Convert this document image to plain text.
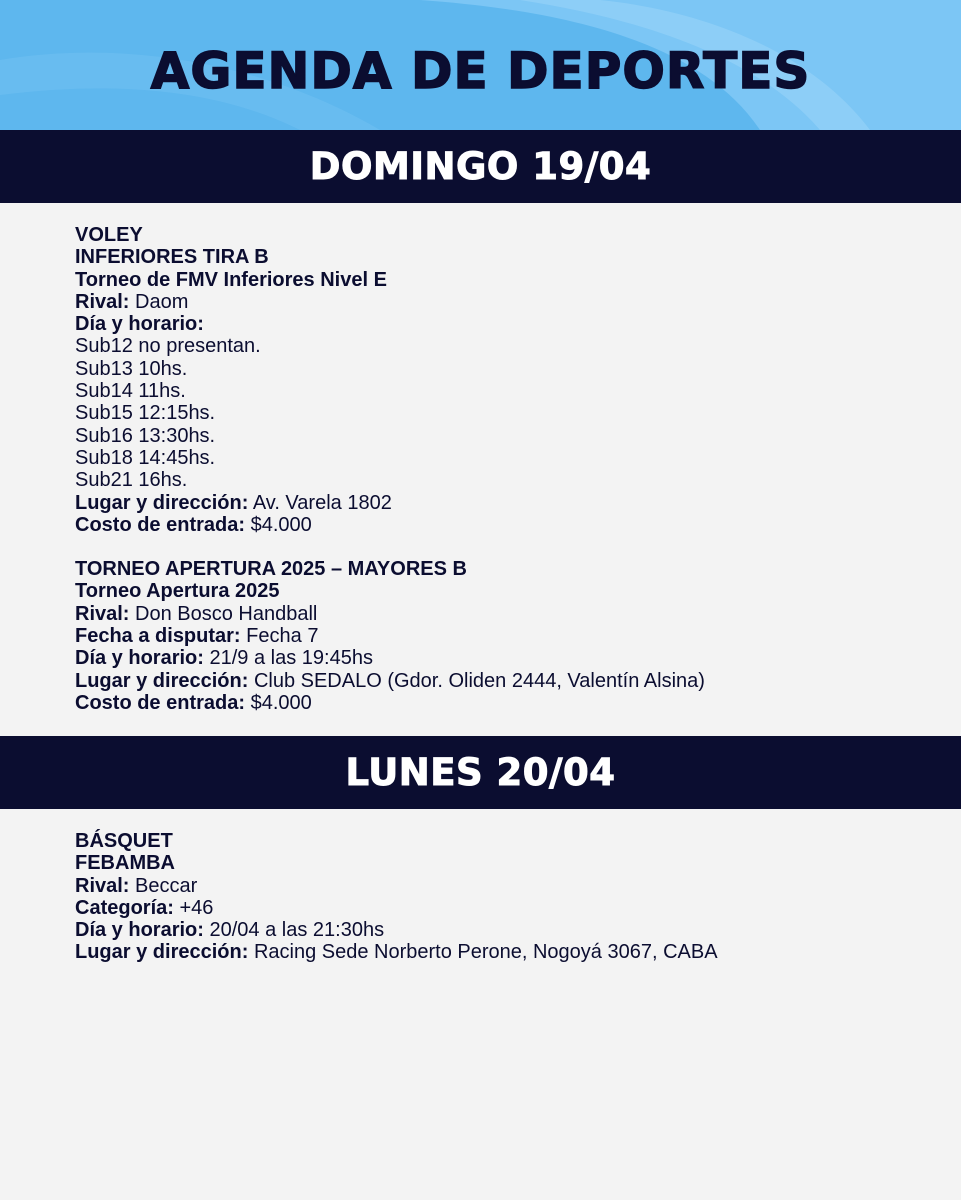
AGENDA DE DEPORTES
DOMINGO 19/04
VOLEY
INFERIORES TIRA B
Torneo de FMV Inferiores Nivel E
Rival: Daom
Día y horario:
Sub12 no presentan.
Sub13 10hs.
Sub14 11hs.
Sub15 12:15hs.
Sub16 13:30hs.
Sub18 14:45hs.
Sub21 16hs.
Lugar y dirección: Av. Varela 1802
Costo de entrada: $4.000
TORNEO APERTURA 2025 – MAYORES B
Torneo Apertura 2025
Rival: Don Bosco Handball
Fecha a disputar: Fecha 7
Día y horario: 21/9 a las 19:45hs
Lugar y dirección: Club SEDALO (Gdor. Oliden 2444, Valentín Alsina)
Costo de entrada: $4.000
LUNES 20/04
BÁSQUET
FEBAMBA
Rival: Beccar
Categoría: +46
Día y horario: 20/04 a las 21:30hs
Lugar y dirección: Racing Sede Norberto Perone, Nogoyá 3067, CABA
